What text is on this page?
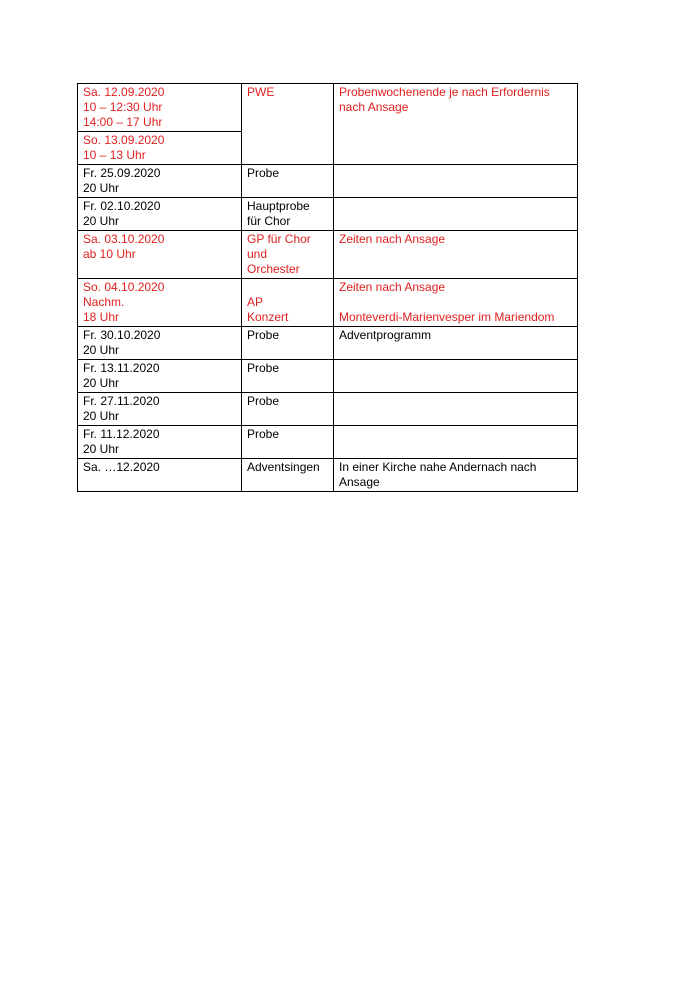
Sa. 12.09.2020
10 – 12:30 Uhr
14:00 – 17 Uhr	PWE	Probenwochenende je nach Erfordernis
nach Ansage

So. 13.09.2020
10 – 13 Uhr		

Fr. 25.09.2020
20 Uhr	Probe	

Fr. 02.10.2020
20 Uhr	Hauptprobe
für Chor	

Sa. 03.10.2020
ab 10 Uhr	GP für Chor
und
Orchester	Zeiten nach Ansage

So. 04.10.2020
Nachm.
18 Uhr	AP
Konzert	Zeiten nach Ansage
Monteverdi-Marienvesper im Mariendom

Fr. 30.10.2020
20 Uhr	Probe	Adventprogramm

Fr. 13.11.2020
20 Uhr	Probe	

Fr. 27.11.2020
20 Uhr	Probe	

Fr. 11.12.2020
20 Uhr	Probe	

Sa. …12.2020	Adventsingen	In einer Kirche nahe Andernach nach
Ansage
